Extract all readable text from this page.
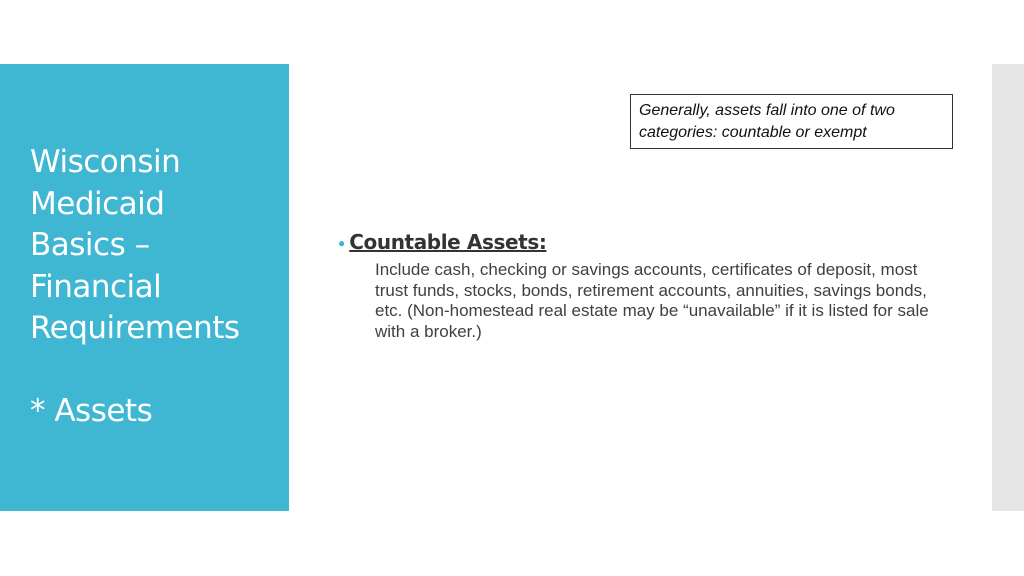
Wisconsin
Medicaid
Basics –
Financial
Requirements
* Assets
Generally, assets fall into one of two categories: countable or exempt
● Countable Assets:
Include cash, checking or savings accounts, certificates of deposit, most trust funds, stocks, bonds, retirement accounts, annuities, savings bonds, etc. (Non-homestead real estate may be “unavailable” if it is listed for sale with a broker.)
